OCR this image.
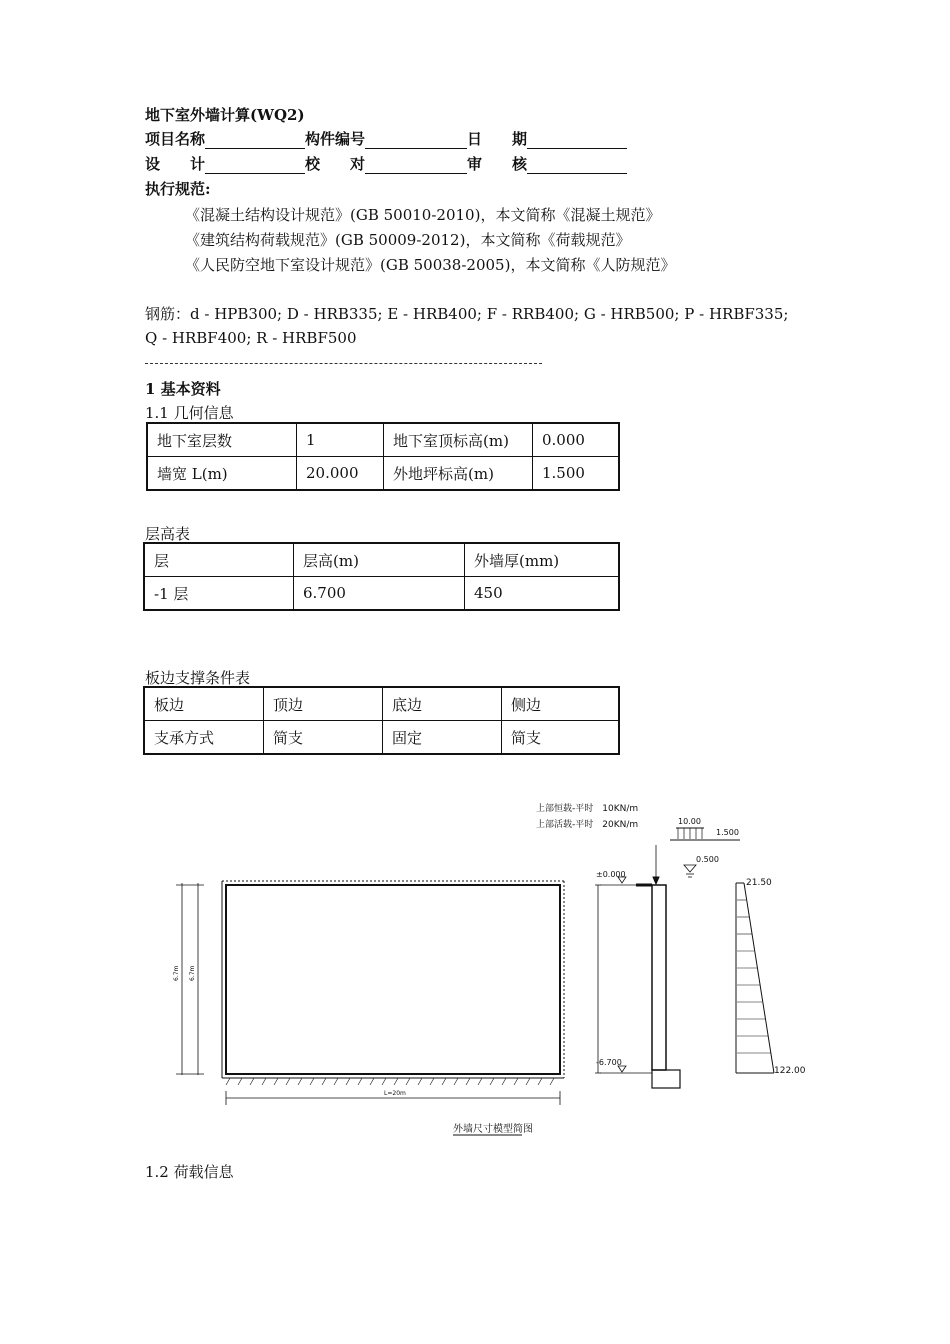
地下室外墙计算(WQ2)
项目名称	构件编号	日　　期
设　　计	校　　对	审　　核
执行规范:
《混凝土结构设计规范》(GB 50010-2010)，本文简称《混凝土规范》
《建筑结构荷载规范》(GB 50009-2012)，本文简称《荷载规范》
《人民防空地下室设计规范》(GB 50038-2005)，本文简称《人防规范》
钢筋：d - HPB300; D - HRB335; E - HRB400; F - RRB400; G - HRB500; P - HRBF335; Q - HRBF400; R - HRBF500
1 基本资料
1.1 几何信息
地下室层数	1	地下室顶标高(m)	0.000
墙宽 L(m)	20.000	外地坪标高(m)	1.500
层高表
层	层高(m)	外墙厚(mm)
-1 层	6.700	450
板边支撑条件表
板边	顶边	底边	侧边
支承方式	简支	固定	简支
6.7m 6.7m
L=20m
上部恒载-平时　10KN/m
上部活载-平时　20KN/m	10.00
1.500
0.500
±0.000
-6.700
21.50
122.00
外墙尺寸模型简图
1.2 荷载信息
